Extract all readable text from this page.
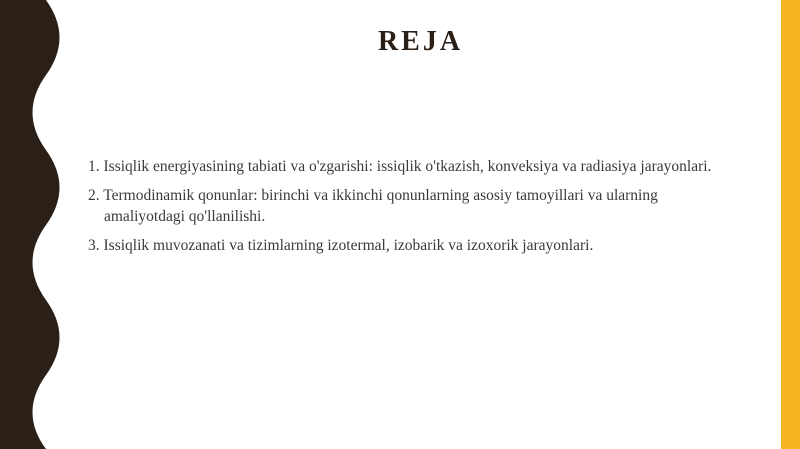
REJA
1. Issiqlik energiyasining tabiati va o'zgarishi: issiqlik o'tkazish, konveksiya va radiasiya jarayonlari.
2. Termodinamik qonunlar: birinchi va ikkinchi qonunlarning asosiy tamoyillari va ularning amaliyotdagi qo'llanilishi.
3. Issiqlik muvozanati va tizimlarning izotermal, izobarik va izoxorik jarayonlari.
